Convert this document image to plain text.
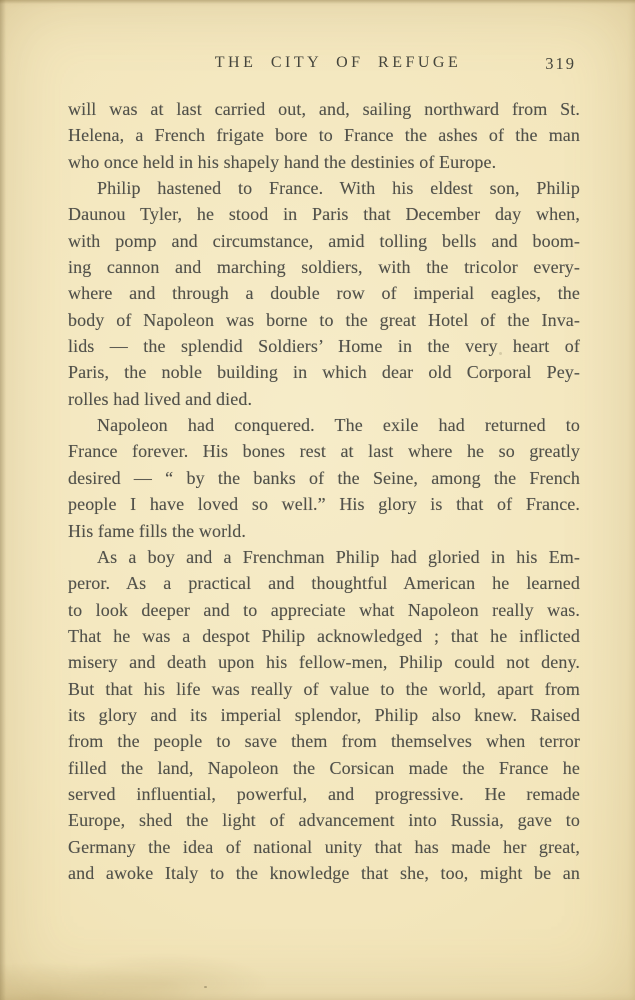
THE CITY OF REFUGE	319
will was at last carried out, and, sailing northward from St.
Helena, a French frigate bore to France the ashes of the man
who once held in his shapely hand the destinies of Europe.
Philip hastened to France. With his eldest son, Philip
Daunou Tyler, he stood in Paris that December day when,
with pomp and circumstance, amid tolling bells and boom-
ing cannon and marching soldiers, with the tricolor every-
where and through a double row of imperial eagles, the
body of Napoleon was borne to the great Hotel of the Inva-
lids — the splendid Soldiers’ Home in the very heart of
Paris, the noble building in which dear old Corporal Pey-
rolles had lived and died.
Napoleon had conquered. The exile had returned to
France forever. His bones rest at last where he so greatly
desired — “ by the banks of the Seine, among the French
people I have loved so well.” His glory is that of France.
His fame fills the world.
As a boy and a Frenchman Philip had gloried in his Em-
peror. As a practical and thoughtful American he learned
to look deeper and to appreciate what Napoleon really was.
That he was a despot Philip acknowledged ; that he inflicted
misery and death upon his fellow-men, Philip could not deny.
But that his life was really of value to the world, apart from
its glory and its imperial splendor, Philip also knew. Raised
from the people to save them from themselves when terror
filled the land, Napoleon the Corsican made the France he
served influential, powerful, and progressive. He remade
Europe, shed the light of advancement into Russia, gave to
Germany the idea of national unity that has made her great,
and awoke Italy to the knowledge that she, too, might be an
